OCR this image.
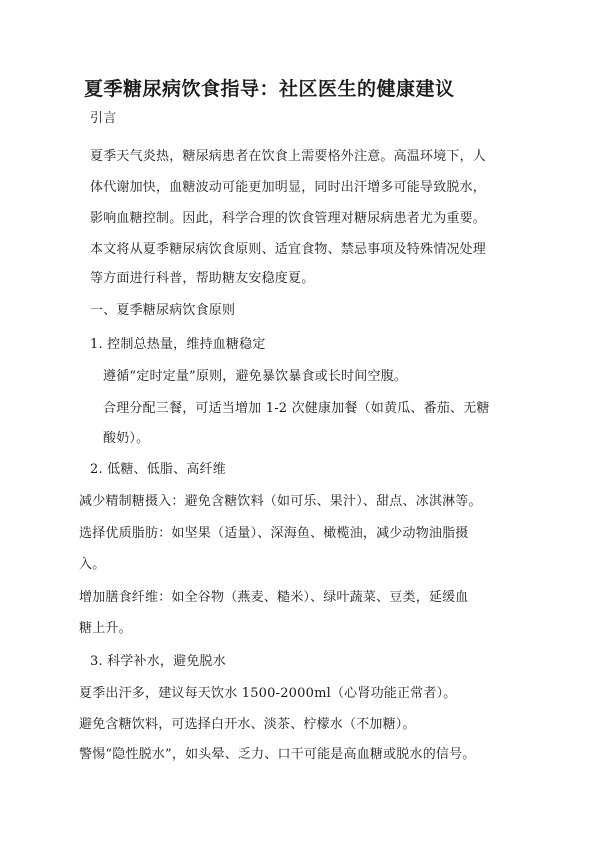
夏季糖尿病饮食指导：社区医生的健康建议
引言
夏季天气炎热，糖尿病患者在饮食上需要格外注意。高温环境下，人
体代谢加快，血糖波动可能更加明显，同时出汗增多可能导致脱水，
影响血糖控制。因此，科学合理的饮食管理对糖尿病患者尤为重要。
本文将从夏季糖尿病饮食原则、适宜食物、禁忌事项及特殊情况处理
等方面进行科普，帮助糖友安稳度夏。
一、夏季糖尿病饮食原则
1. 控制总热量，维持血糖稳定
遵循“定时定量”原则，避免暴饮暴食或长时间空腹。
合理分配三餐，可适当增加 1-2 次健康加餐（如黄瓜、番茄、无糖
酸奶）。
2. 低糖、低脂、高纤维
减少精制糖摄入：避免含糖饮料（如可乐、果汁）、甜点、冰淇淋等。
选择优质脂肪：如坚果（适量）、深海鱼、橄榄油，减少动物油脂摄
入。
增加膳食纤维：如全谷物（燕麦、糙米）、绿叶蔬菜、豆类，延缓血
糖上升。
3. 科学补水，避免脱水
夏季出汗多，建议每天饮水 1500-2000ml（心肾功能正常者）。
避免含糖饮料，可选择白开水、淡茶、柠檬水（不加糖）。
警惕“隐性脱水”，如头晕、乏力、口干可能是高血糖或脱水的信号。
